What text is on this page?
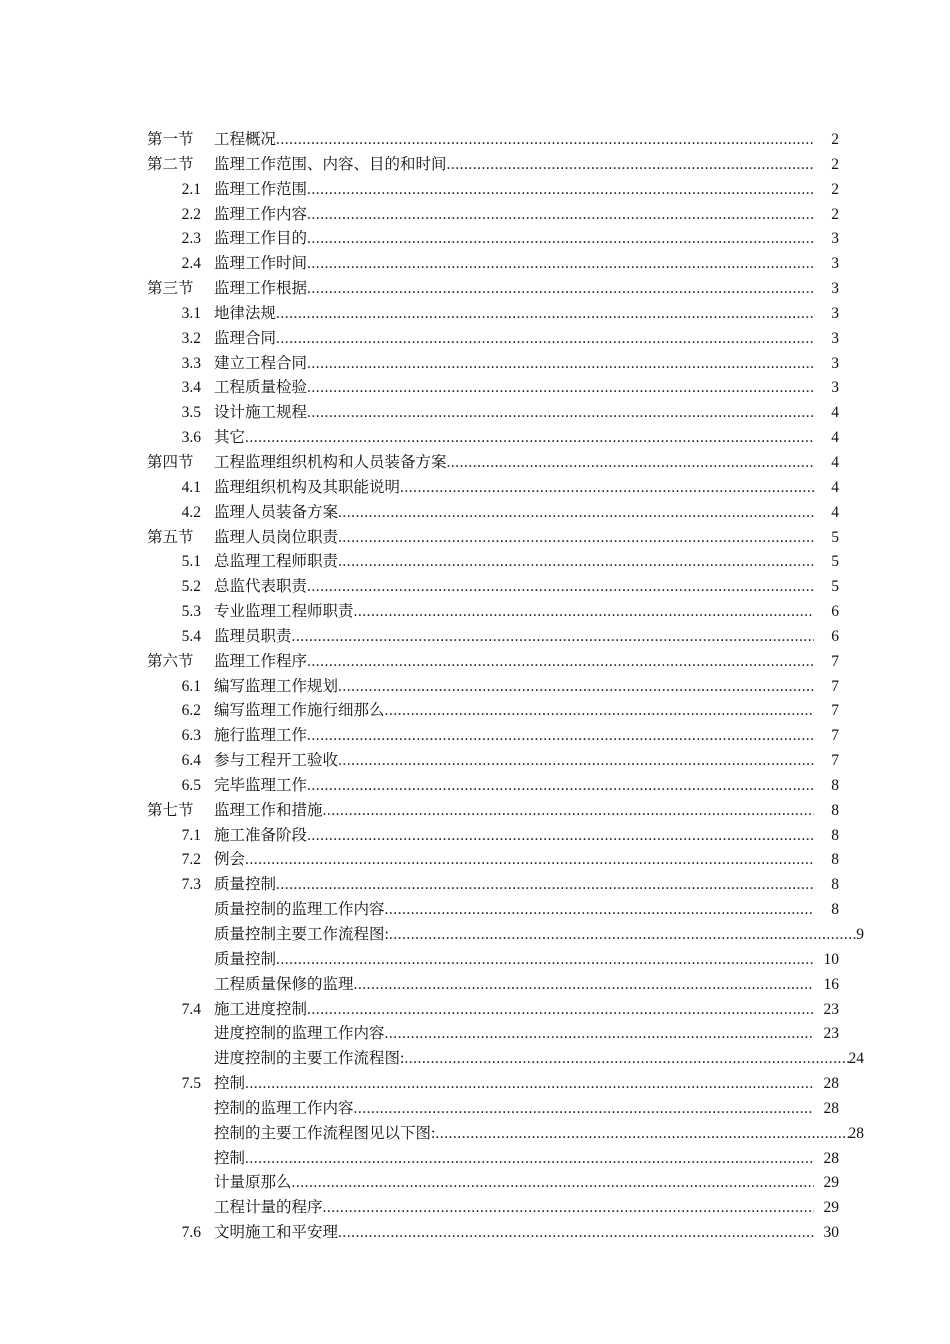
第一节 工程概况 .....	2
第二节 监理工作范围、内容、目的和时间 .....	2
2.1 监理工作范围 .....	2
2.2 监理工作内容 .....	2
2.3 监理工作目的 .....	3
2.4 监理工作时间 .....	3
第三节 监理工作根据 .....	3
3.1 地律法规 .....	3
3.2 监理合同 .....	3
3.3 建立工程合同 .....	3
3.4 工程质量检验 .....	3
3.5 设计施工规程 .....	4
3.6 其它 .....	4
第四节 工程监理组织机构和人员装备方案 .....	4
4.1 监理组织机构及其职能说明 .....	4
4.2 监理人员装备方案 .....	4
第五节 监理人员岗位职责 .....	5
5.1 总监理工程师职责 .....	5
5.2 总监代表职责 .....	5
5.3 专业监理工程师职责 .....	6
5.4 监理员职责 .....	6
第六节 监理工作程序 .....	7
6.1 编写监理工作规划 .....	7
6.2 编写监理工作施行细那么 .....	7
6.3 施行监理工作 .....	7
6.4 参与工程开工验收 .....	7
6.5 完毕监理工作 .....	8
第七节 监理工作和措施 .....	8
7.1 施工准备阶段 .....	8
7.2 例会 .....	8
7.3 质量控制 .....	8
质量控制的监理工作内容 .....	8
质量控制主要工作流程图: .....	9
质量控制 .....	10
工程质量保修的监理 .....	16
7.4 施工进度控制 .....	23
进度控制的监理工作内容 .....	23
进度控制的主要工作流程图: .....	24
7.5 控制 .....	28
控制的监理工作内容 .....	28
控制的主要工作流程图见以下图: .....	28
控制 .....	28
计量原那么 .....	29
工程计量的程序 .....	29
7.6 文明施工和平安理 .....	30
